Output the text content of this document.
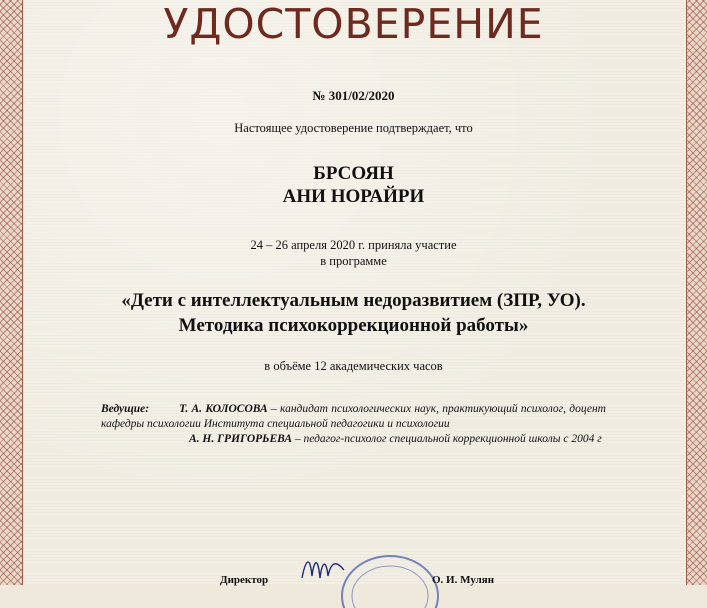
УДОСТОВЕРЕНИЕ
№ 301/02/2020
Настоящее удостоверение подтверждает, что
БРСОЯН
АНИ НОРАЙРИ
24 – 26 апреля 2020 г. приняла участие
в программе
«Дети с интеллектуальным недоразвитием (ЗПР, УО).
Методика психокоррекционной работы»
в объёме 12 академических часов
Ведущие:	Т. А. КОЛОСОВА – кандидат психологических наук, практикующий психолог, доцент кафедры психологии Института специальной педагогики и психологии
А. Н. ГРИГОРЬЕВА – педагог-психолог специальной коррекционной школы с 2004 г
Директор	О. И. Мулян
